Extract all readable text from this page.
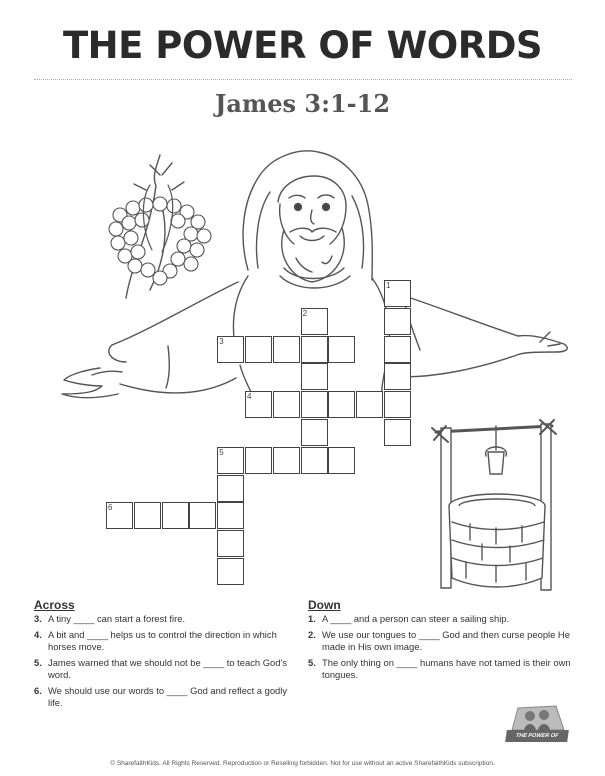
THE POWER OF WORDS
James 3:1-12
1
2
3
4
5
6
Across
3. A tiny ____ can start a forest fire.
4. A bit and ____ helps us to control the direction in which horses move.
5. James warned that we should not be ____ to teach God’s word.
6. We should use our words to ____ God and reflect a godly life.
Down
1. A ____ and a person can steer a sailing ship.
2. We use our tongues to ____ God and then curse people He made in His own image.
5. The only thing on ____ humans have not tamed is their own tongues.
THE POWER OF WORDS
© SharefaithKids. All Rights Reserved. Reproduction or Reselling forbidden. Not for use without an active SharefaithKids subscription.
